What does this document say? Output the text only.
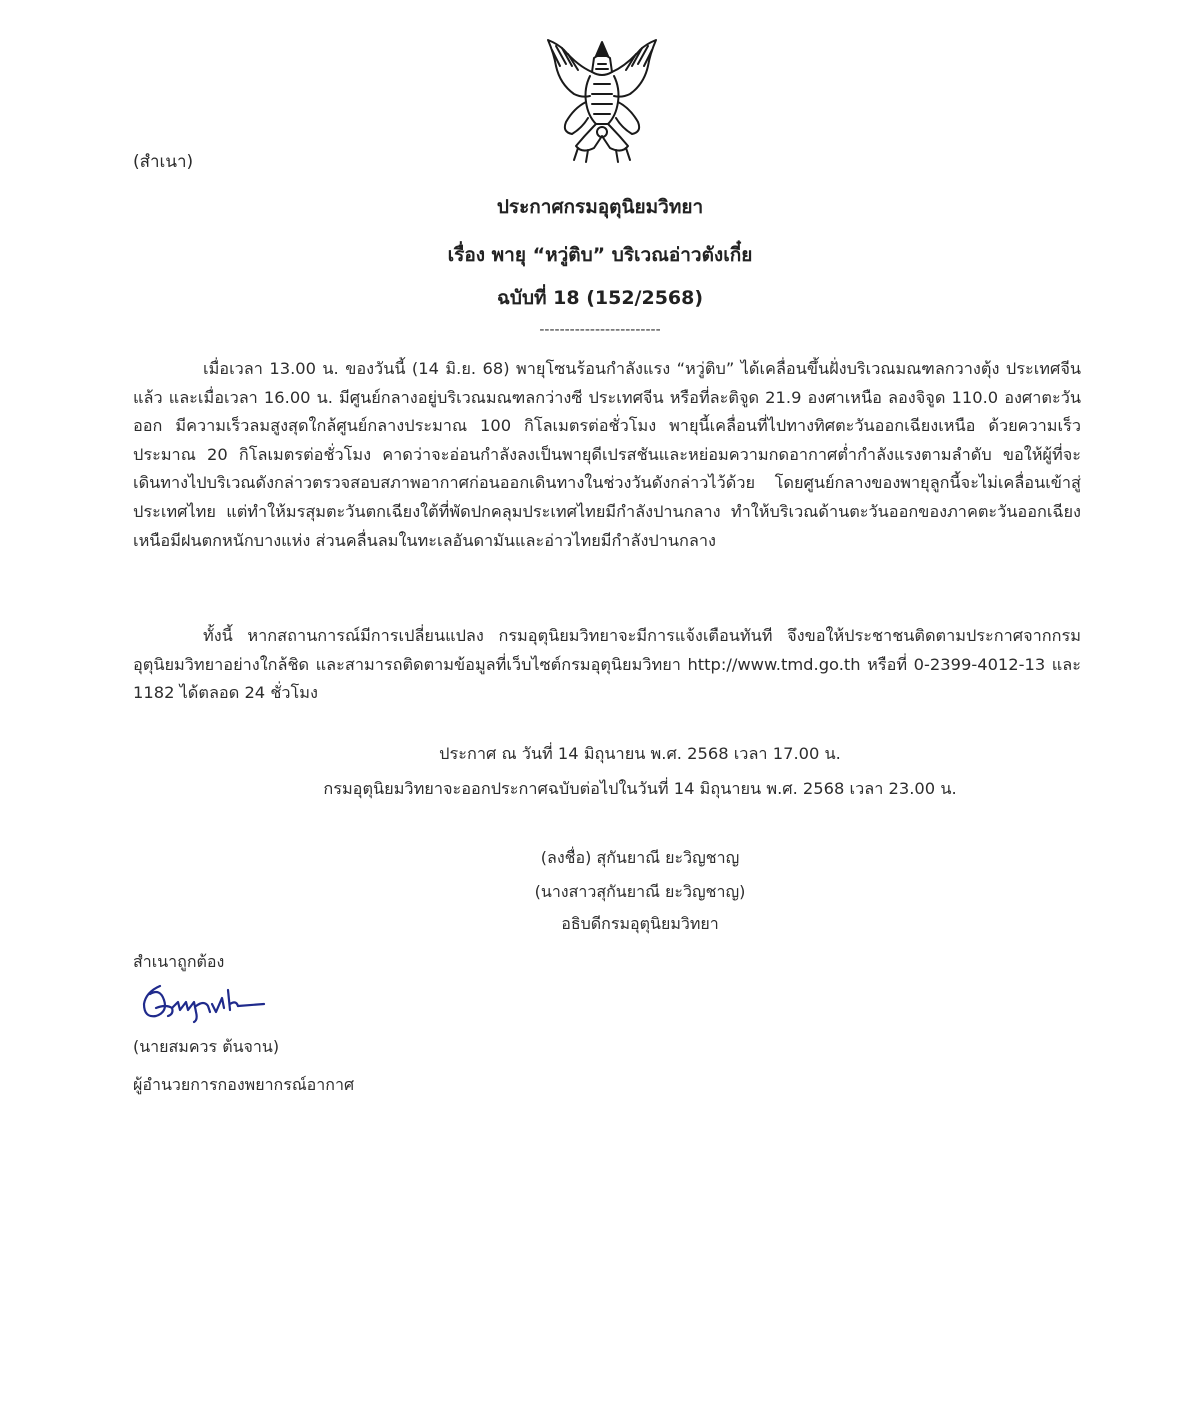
(สำเนา)
ประกาศกรมอุตุนิยมวิทยา
เรื่อง พายุ “หวู่ติบ” บริเวณอ่าวตังเกี๋ย
ฉบับที่ 18 (152/2568)
------------------------

เมื่อเวลา 13.00 น. ของวันนี้ (14 มิ.ย. 68) พายุโซนร้อนกำลังแรง “หวู่ติบ” ได้เคลื่อนขึ้นฝั่งบริเวณมณฑลกวางตุ้ง ประเทศจีนแล้ว และเมื่อเวลา 16.00 น. มีศูนย์กลางอยู่บริเวณมณฑลกว่างซี ประเทศจีน หรือที่ละติจูด 21.9 องศาเหนือ ลองจิจูด 110.0 องศาตะวันออก มีความเร็วลมสูงสุดใกล้ศูนย์กลางประมาณ 100 กิโลเมตรต่อชั่วโมง พายุนี้เคลื่อนที่ไปทางทิศตะวันออกเฉียงเหนือ ด้วยความเร็วประมาณ 20 กิโลเมตรต่อชั่วโมง คาดว่าจะอ่อนกำลังลงเป็นพายุดีเปรสชันและหย่อมความกดอากาศต่ำกำลังแรงตามลำดับ ขอให้ผู้ที่จะเดินทางไปบริเวณดังกล่าวตรวจสอบสภาพอากาศก่อนออกเดินทางในช่วงวันดังกล่าวไว้ด้วย โดยศูนย์กลางของพายุลูกนี้จะไม่เคลื่อนเข้าสู่ประเทศไทย แต่ทำให้มรสุมตะวันตกเฉียงใต้ที่พัดปกคลุมประเทศไทยมีกำลังปานกลาง ทำให้บริเวณด้านตะวันออกของภาคตะวันออกเฉียงเหนือมีฝนตกหนักบางแห่ง ส่วนคลื่นลมในทะเลอันดามันและอ่าวไทยมีกำลังปานกลาง

ทั้งนี้ หากสถานการณ์มีการเปลี่ยนแปลง กรมอุตุนิยมวิทยาจะมีการแจ้งเตือนทันที จึงขอให้ประชาชนติดตามประกาศจากกรมอุตุนิยมวิทยาอย่างใกล้ชิด และสามารถติดตามข้อมูลที่เว็บไซต์กรมอุตุนิยมวิทยา http://www.tmd.go.th หรือที่ 0-2399-4012-13 และ 1182 ได้ตลอด 24 ชั่วโมง

ประกาศ ณ วันที่ 14 มิถุนายน พ.ศ. 2568 เวลา 17.00 น.
กรมอุตุนิยมวิทยาจะออกประกาศฉบับต่อไปในวันที่ 14 มิถุนายน พ.ศ. 2568 เวลา 23.00 น.
(ลงชื่อ) สุกันยาณี ยะวิญชาญ
(นางสาวสุกันยาณี ยะวิญชาญ)
อธิบดีกรมอุตุนิยมวิทยา
สำเนาถูกต้อง
(นายสมควร ต้นจาน)
ผู้อำนวยการกองพยากรณ์อากาศ
